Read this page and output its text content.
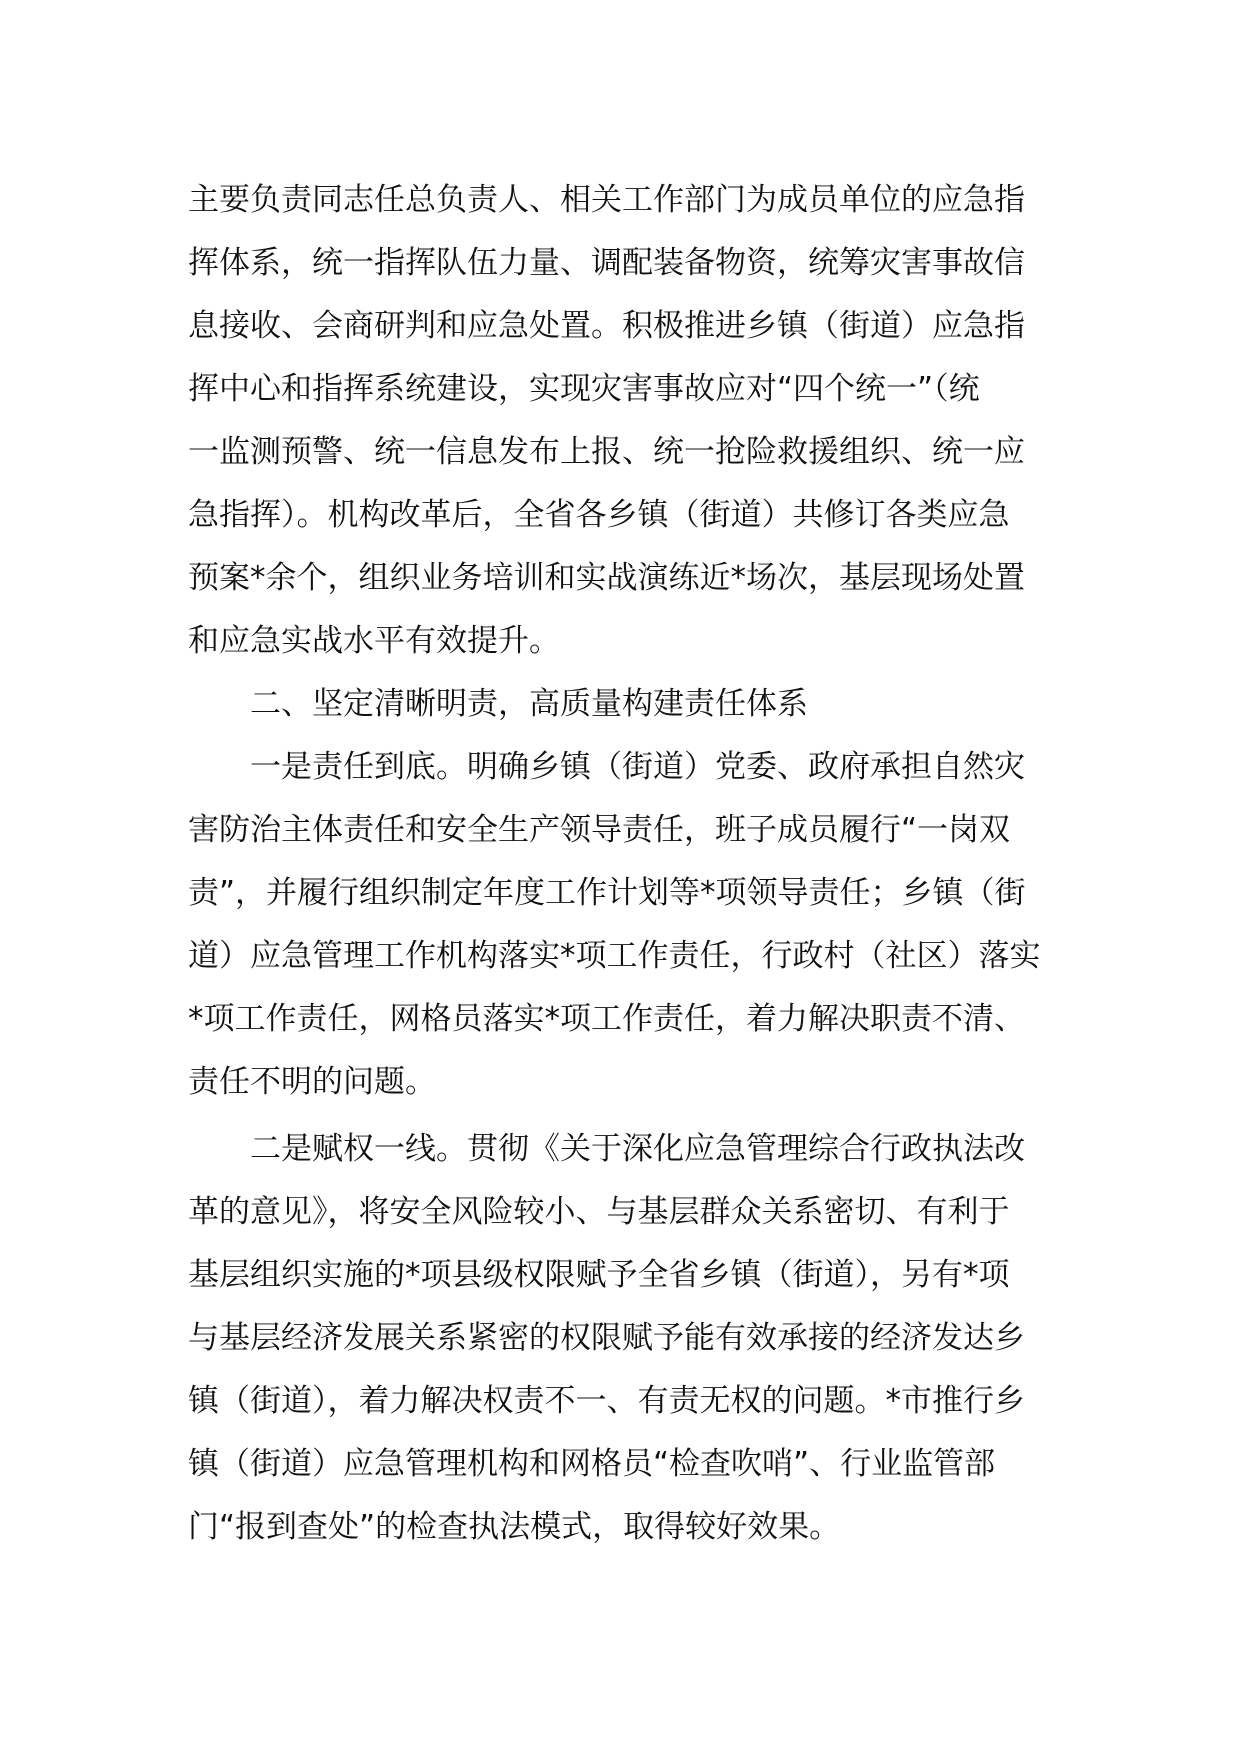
主要负责同志任总负责人、相关工作部门为成员单位的应急指
挥体系，统一指挥队伍力量、调配装备物资，统筹灾害事故信
息接收、会商研判和应急处置。积极推进乡镇（街道）应急指
挥中心和指挥系统建设，实现灾害事故应对“四个统一”（统
一监测预警、统一信息发布上报、统一抢险救援组织、统一应
急指挥）。机构改革后，全省各乡镇（街道）共修订各类应急
预案*余个，组织业务培训和实战演练近*场次，基层现场处置
和应急实战水平有效提升。
二、坚定清晰明责，高质量构建责任体系
一是责任到底。明确乡镇（街道）党委、政府承担自然灾
害防治主体责任和安全生产领导责任，班子成员履行“一岗双
责”，并履行组织制定年度工作计划等*项领导责任；乡镇（街
道）应急管理工作机构落实*项工作责任，行政村（社区）落实
*项工作责任，网格员落实*项工作责任，着力解决职责不清、
责任不明的问题。
二是赋权一线。贯彻《关于深化应急管理综合行政执法改
革的意见》，将安全风险较小、与基层群众关系密切、有利于
基层组织实施的*项县级权限赋予全省乡镇（街道），另有*项
与基层经济发展关系紧密的权限赋予能有效承接的经济发达乡
镇（街道），着力解决权责不一、有责无权的问题。*市推行乡
镇（街道）应急管理机构和网格员“检查吹哨”、行业监管部
门“报到查处”的检查执法模式，取得较好效果。
